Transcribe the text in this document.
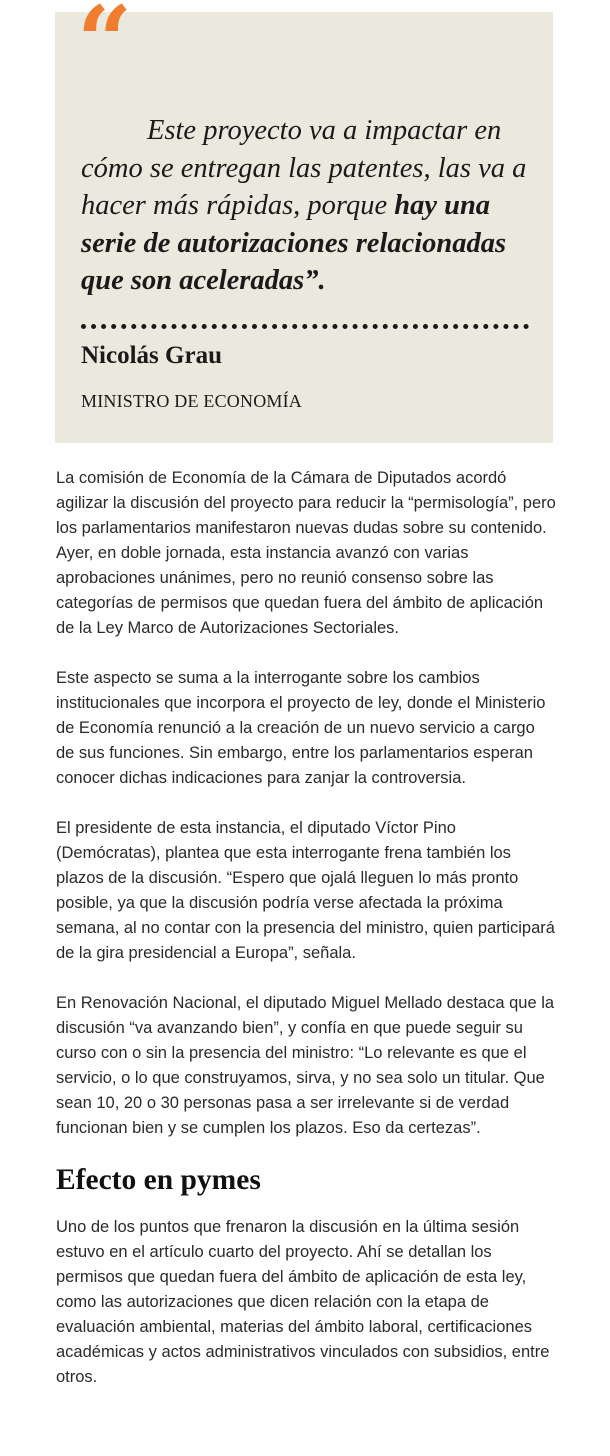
“
Este proyecto va a impactar en cómo se entregan las patentes, las va a hacer más rápidas, porque hay una serie de autorizaciones relacionadas que son aceleradas”.
Nicolás Grau
MINISTRO DE ECONOMÍA

La comisión de Economía de la Cámara de Diputados acordó agilizar la discusión del proyecto para reducir la “permisología”, pero los parlamentarios manifestaron nuevas dudas sobre su contenido. Ayer, en doble jornada, esta instancia avanzó con varias aprobaciones unánimes, pero no reunió consenso sobre las categorías de permisos que quedan fuera del ámbito de aplicación de la Ley Marco de Autorizaciones Sectoriales.

Este aspecto se suma a la interrogante sobre los cambios institucionales que incorpora el proyecto de ley, donde el Ministerio de Economía renunció a la creación de un nuevo servicio a cargo de sus funciones. Sin embargo, entre los parlamentarios esperan conocer dichas indicaciones para zanjar la controversia.

El presidente de esta instancia, el diputado Víctor Pino (Demócratas), plantea que esta interrogante frena también los plazos de la discusión. “Espero que ojalá lleguen lo más pronto posible, ya que la discusión podría verse afectada la próxima semana, al no contar con la presencia del ministro, quien participará de la gira presidencial a Europa”, señala.

En Renovación Nacional, el diputado Miguel Mellado destaca que la discusión “va avanzando bien”, y confía en que puede seguir su curso con o sin la presencia del ministro: “Lo relevante es que el servicio, o lo que construyamos, sirva, y no sea solo un titular. Que sean 10, 20 o 30 personas pasa a ser irrelevante si de verdad funcionan bien y se cumplen los plazos. Eso da certezas”.

Efecto en pymes

Uno de los puntos que frenaron la discusión en la última sesión estuvo en el artículo cuarto del proyecto. Ahí se detallan los permisos que quedan fuera del ámbito de aplicación de esta ley, como las autorizaciones que dicen relación con la etapa de evaluación ambiental, materias del ámbito laboral, certificaciones académicas y actos administrativos vinculados con subsidios, entre otros.
